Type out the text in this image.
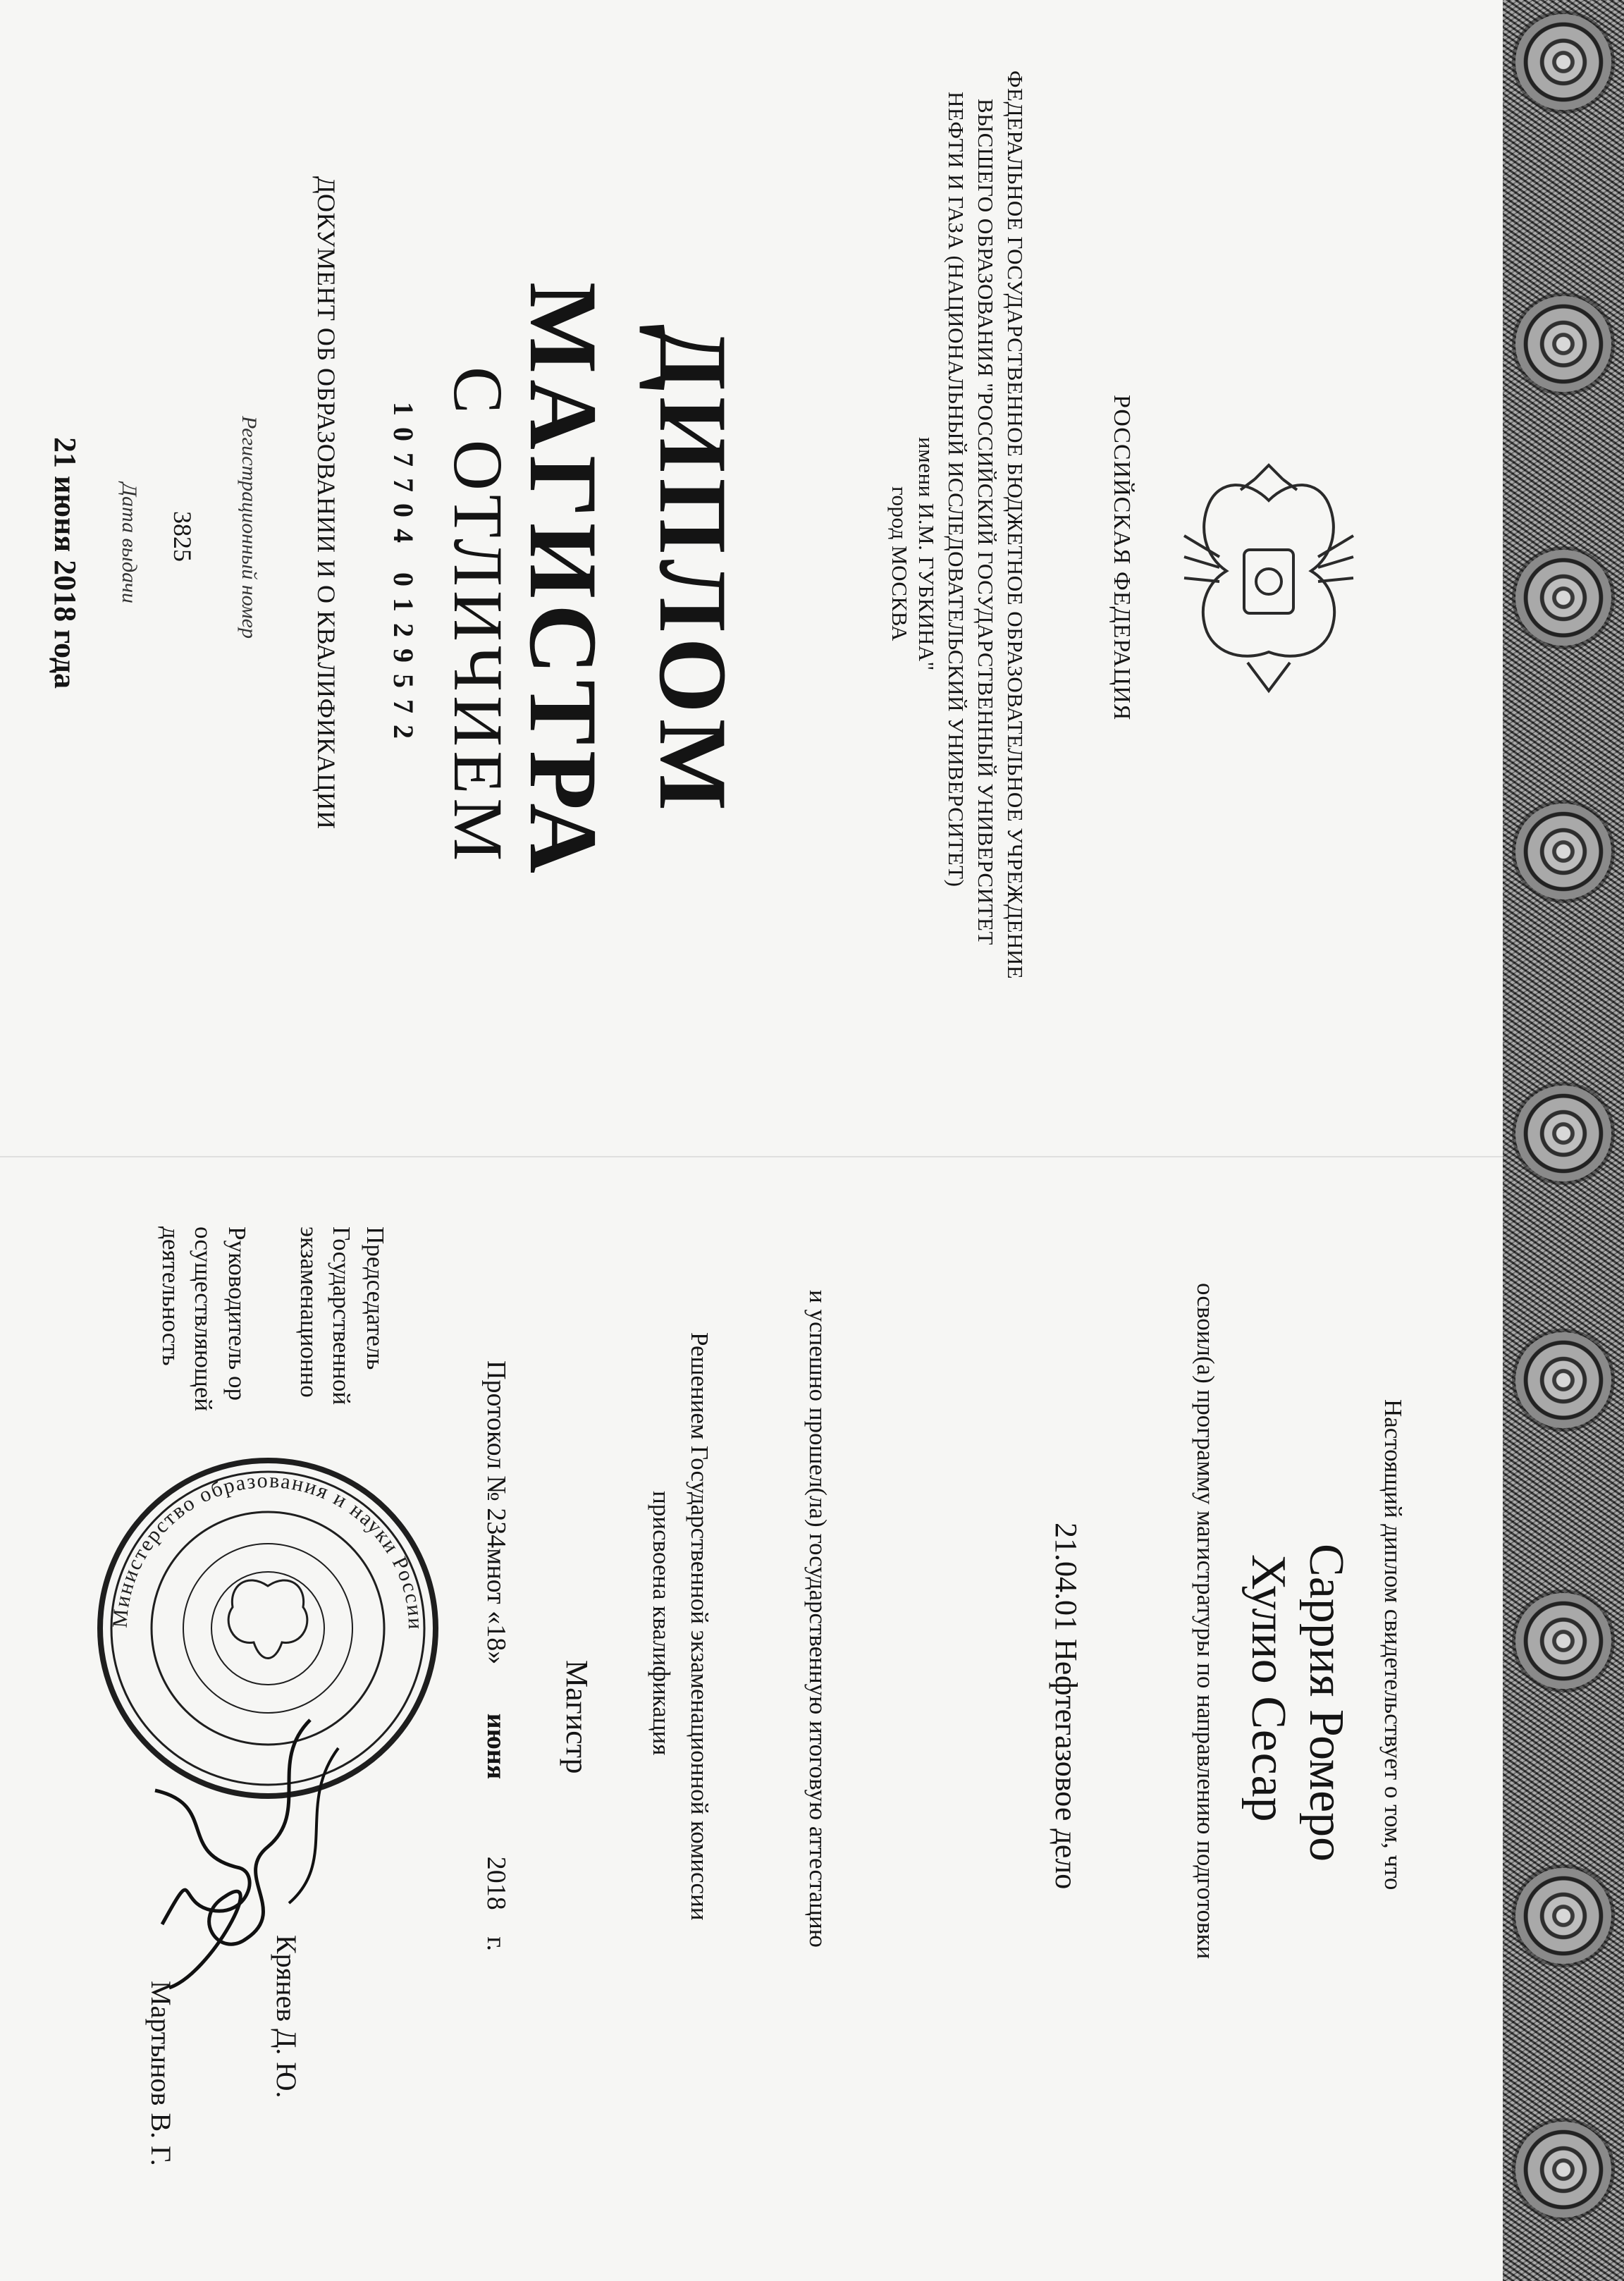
РОССИЙСКАЯ ФЕДЕРАЦИЯ
ФЕДЕРАЛЬНОЕ ГОСУДАРСТВЕННОЕ БЮДЖЕТНОЕ ОБРАЗОВАТЕЛЬНОЕ УЧРЕЖДЕНИЕ
ВЫСШЕГО ОБРАЗОВАНИЯ "РОССИЙСКИЙ ГОСУДАРСТВЕННЫЙ УНИВЕРСИТЕТ
НЕФТИ И ГАЗА (НАЦИОНАЛЬНЫЙ ИССЛЕДОВАТЕЛЬСКИЙ УНИВЕРСИТЕТ)
имени И.М. ГУБКИНА"
город МОСКВА
ДИПЛОМ
МАГИСТРА
С ОТЛИЧИЕМ
107704 0129572
ДОКУМЕНТ ОБ ОБРАЗОВАНИИ И О КВАЛИФИКАЦИИ
Регистрационный номер
3825
Дата выдачи
21 июня 2018 года
Настоящий диплом свидетельствует о том, что
Саррия Ромеро
Хулио Сесар
освоил(а) программу магистратуры по направлению подготовки
21.04.01 Нефтегазовое дело
и успешно прошел(ла) государственную итоговую аттестацию
Решением Государственной экзаменационной комиссии
присвоена квалификация
Магистр
Протокол № 234мнот «18» июня 2018 г.
Председатель
Государственной
экзаменационно
Крянев Д. Ю.
Руководитель ор
осуществляющей
деятельность
Мартынов В. Г.
Министерство образования и науки России
